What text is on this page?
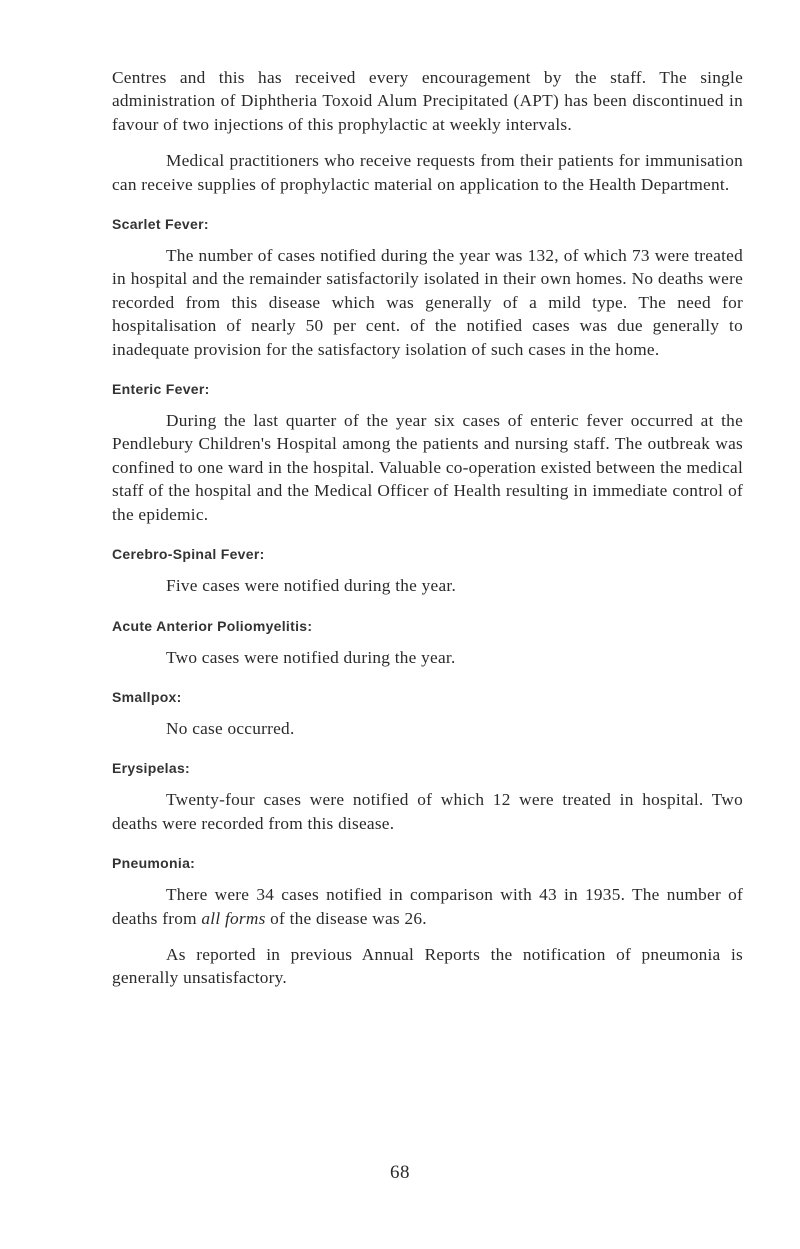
Centres and this has received every encouragement by the staff. The single administration of Diphtheria Toxoid Alum Precipitated (APT) has been discontinued in favour of two injections of this prophylactic at weekly intervals.

Medical practitioners who receive requests from their patients for immunisation can receive supplies of prophylactic material on application to the Health Department.

Scarlet Fever:

The number of cases notified during the year was 132, of which 73 were treated in hospital and the remainder satisfactorily isolated in their own homes. No deaths were recorded from this disease which was generally of a mild type. The need for hospitalisation of nearly 50 per cent. of the notified cases was due generally to inadequate provision for the satisfactory isolation of such cases in the home.

Enteric Fever:

During the last quarter of the year six cases of enteric fever occurred at the Pendlebury Children's Hospital among the patients and nursing staff. The outbreak was confined to one ward in the hospital. Valuable co-operation existed between the medical staff of the hospital and the Medical Officer of Health resulting in immediate control of the epidemic.

Cerebro-Spinal Fever:

Five cases were notified during the year.

Acute Anterior Poliomyelitis:

Two cases were notified during the year.

Smallpox:

No case occurred.

Erysipelas:

Twenty-four cases were notified of which 12 were treated in hospital. Two deaths were recorded from this disease.

Pneumonia:

There were 34 cases notified in comparison with 43 in 1935. The number of deaths from all forms of the disease was 26.

As reported in previous Annual Reports the notification of pneumonia is generally unsatisfactory.

68
